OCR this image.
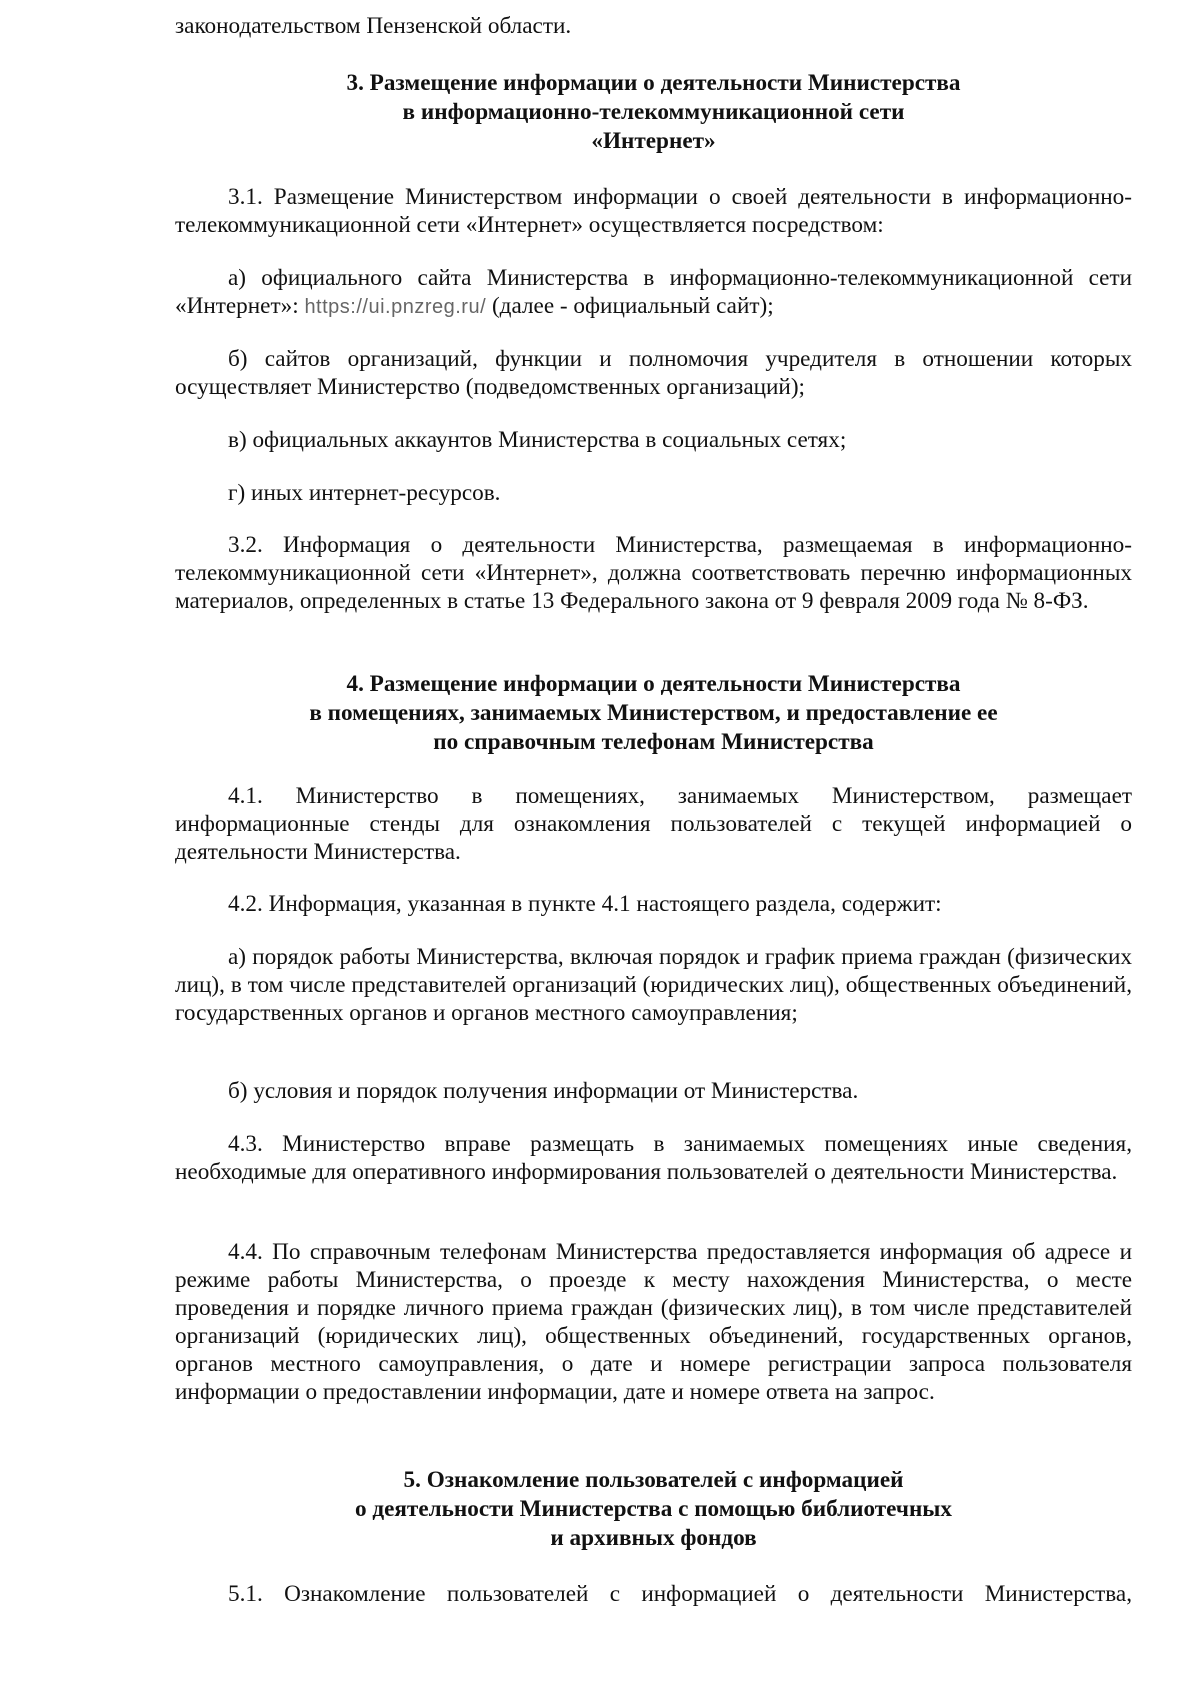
законодательством Пензенской области.

3. Размещение информации о деятельности Министерства
в информационно-телекоммуникационной сети
«Интернет»

3.1. Размещение Министерством информации о своей деятельности в информационно-телекоммуникационной сети «Интернет» осуществляется посредством:

а) официального сайта Министерства в информационно-телекоммуникационной сети «Интернет»: https://ui.pnzreg.ru/ (далее - официальный сайт);

б) сайтов организаций, функции и полномочия учредителя в отношении которых осуществляет Министерство (подведомственных организаций);

в) официальных аккаунтов Министерства в социальных сетях;

г) иных интернет-ресурсов.

3.2. Информация о деятельности Министерства, размещаемая в информационно-телекоммуникационной сети «Интернет», должна соответствовать перечню информационных материалов, определенных в статье 13 Федерального закона от 9 февраля 2009 года № 8-ФЗ.

4. Размещение информации о деятельности Министерства
в помещениях, занимаемых Министерством, и предоставление ее
по справочным телефонам Министерства

4.1. Министерство в помещениях, занимаемых Министерством, размещает информационные стенды для ознакомления пользователей с текущей информацией о деятельности Министерства.

4.2. Информация, указанная в пункте 4.1 настоящего раздела, содержит:

а) порядок работы Министерства, включая порядок и график приема граждан (физических лиц), в том числе представителей организаций (юридических лиц), общественных объединений, государственных органов и органов местного самоуправления;

б) условия и порядок получения информации от Министерства.

4.3. Министерство вправе размещать в занимаемых помещениях иные сведения, необходимые для оперативного информирования пользователей о деятельности Министерства.

4.4. По справочным телефонам Министерства предоставляется информация об адресе и режиме работы Министерства, о проезде к месту нахождения Министерства, о месте проведения и порядке личного приема граждан (физических лиц), в том числе представителей организаций (юридических лиц), общественных объединений, государственных органов, органов местного самоуправления, о дате и номере регистрации запроса пользователя информации о предоставлении информации, дате и номере ответа на запрос.

5. Ознакомление пользователей с информацией
о деятельности Министерства с помощью библиотечных
и архивных фондов

5.1. Ознакомление пользователей с информацией о деятельности Министерства,
